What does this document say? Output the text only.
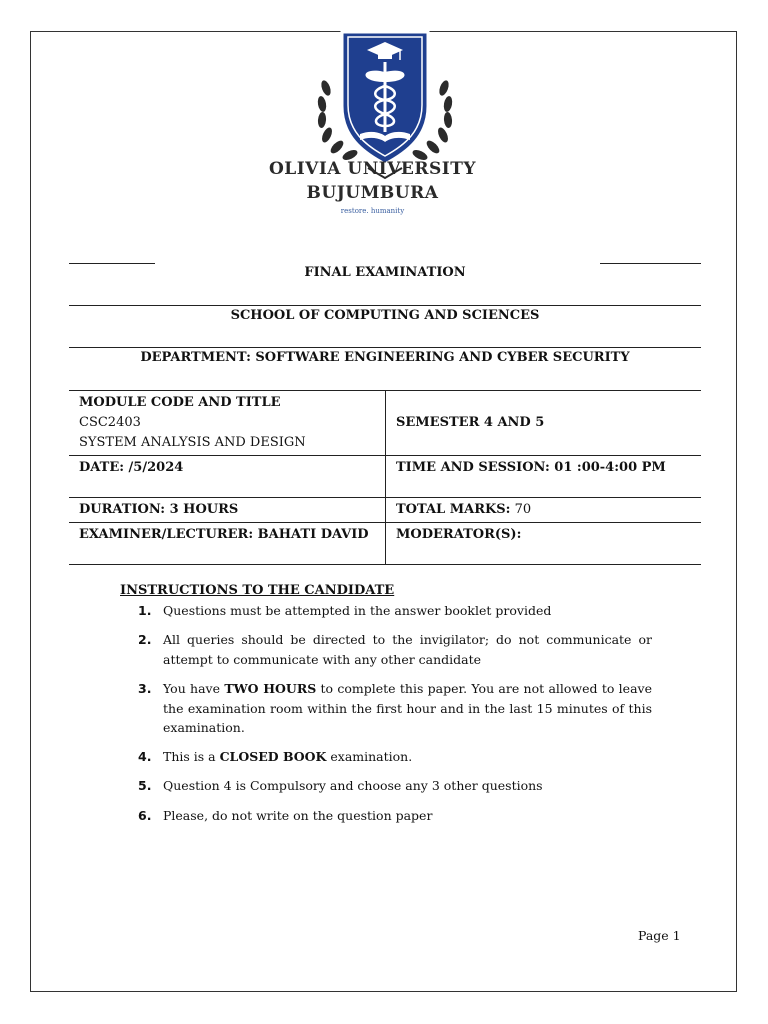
OLIVIA UNIVERSITY
BUJUMBURA
restore. humanity
FINAL EXAMINATION
SCHOOL OF COMPUTING AND SCIENCES
DEPARTMENT: SOFTWARE ENGINEERING AND CYBER SECURITY
MODULE CODE AND TITLE
CSC2403
SYSTEM ANALYSIS AND DESIGN	SEMESTER 4 AND 5
DATE: /5/2024	TIME AND SESSION: 01 :00-4:00 PM
DURATION: 3 HOURS	TOTAL MARKS: 70
EXAMINER/LECTURER: BAHATI DAVID	MODERATOR(S):
INSTRUCTIONS TO THE CANDIDATE
1. Questions must be attempted in the answer booklet provided
2. All queries should be directed to the invigilator; do not communicate or attempt to communicate with any other candidate
3. You have TWO HOURS to complete this paper. You are not allowed to leave the examination room within the first hour and in the last 15 minutes of this examination.
4. This is a CLOSED BOOK examination.
5. Question 4 is Compulsory and choose any 3 other questions
6. Please, do not write on the question paper
Page 1
